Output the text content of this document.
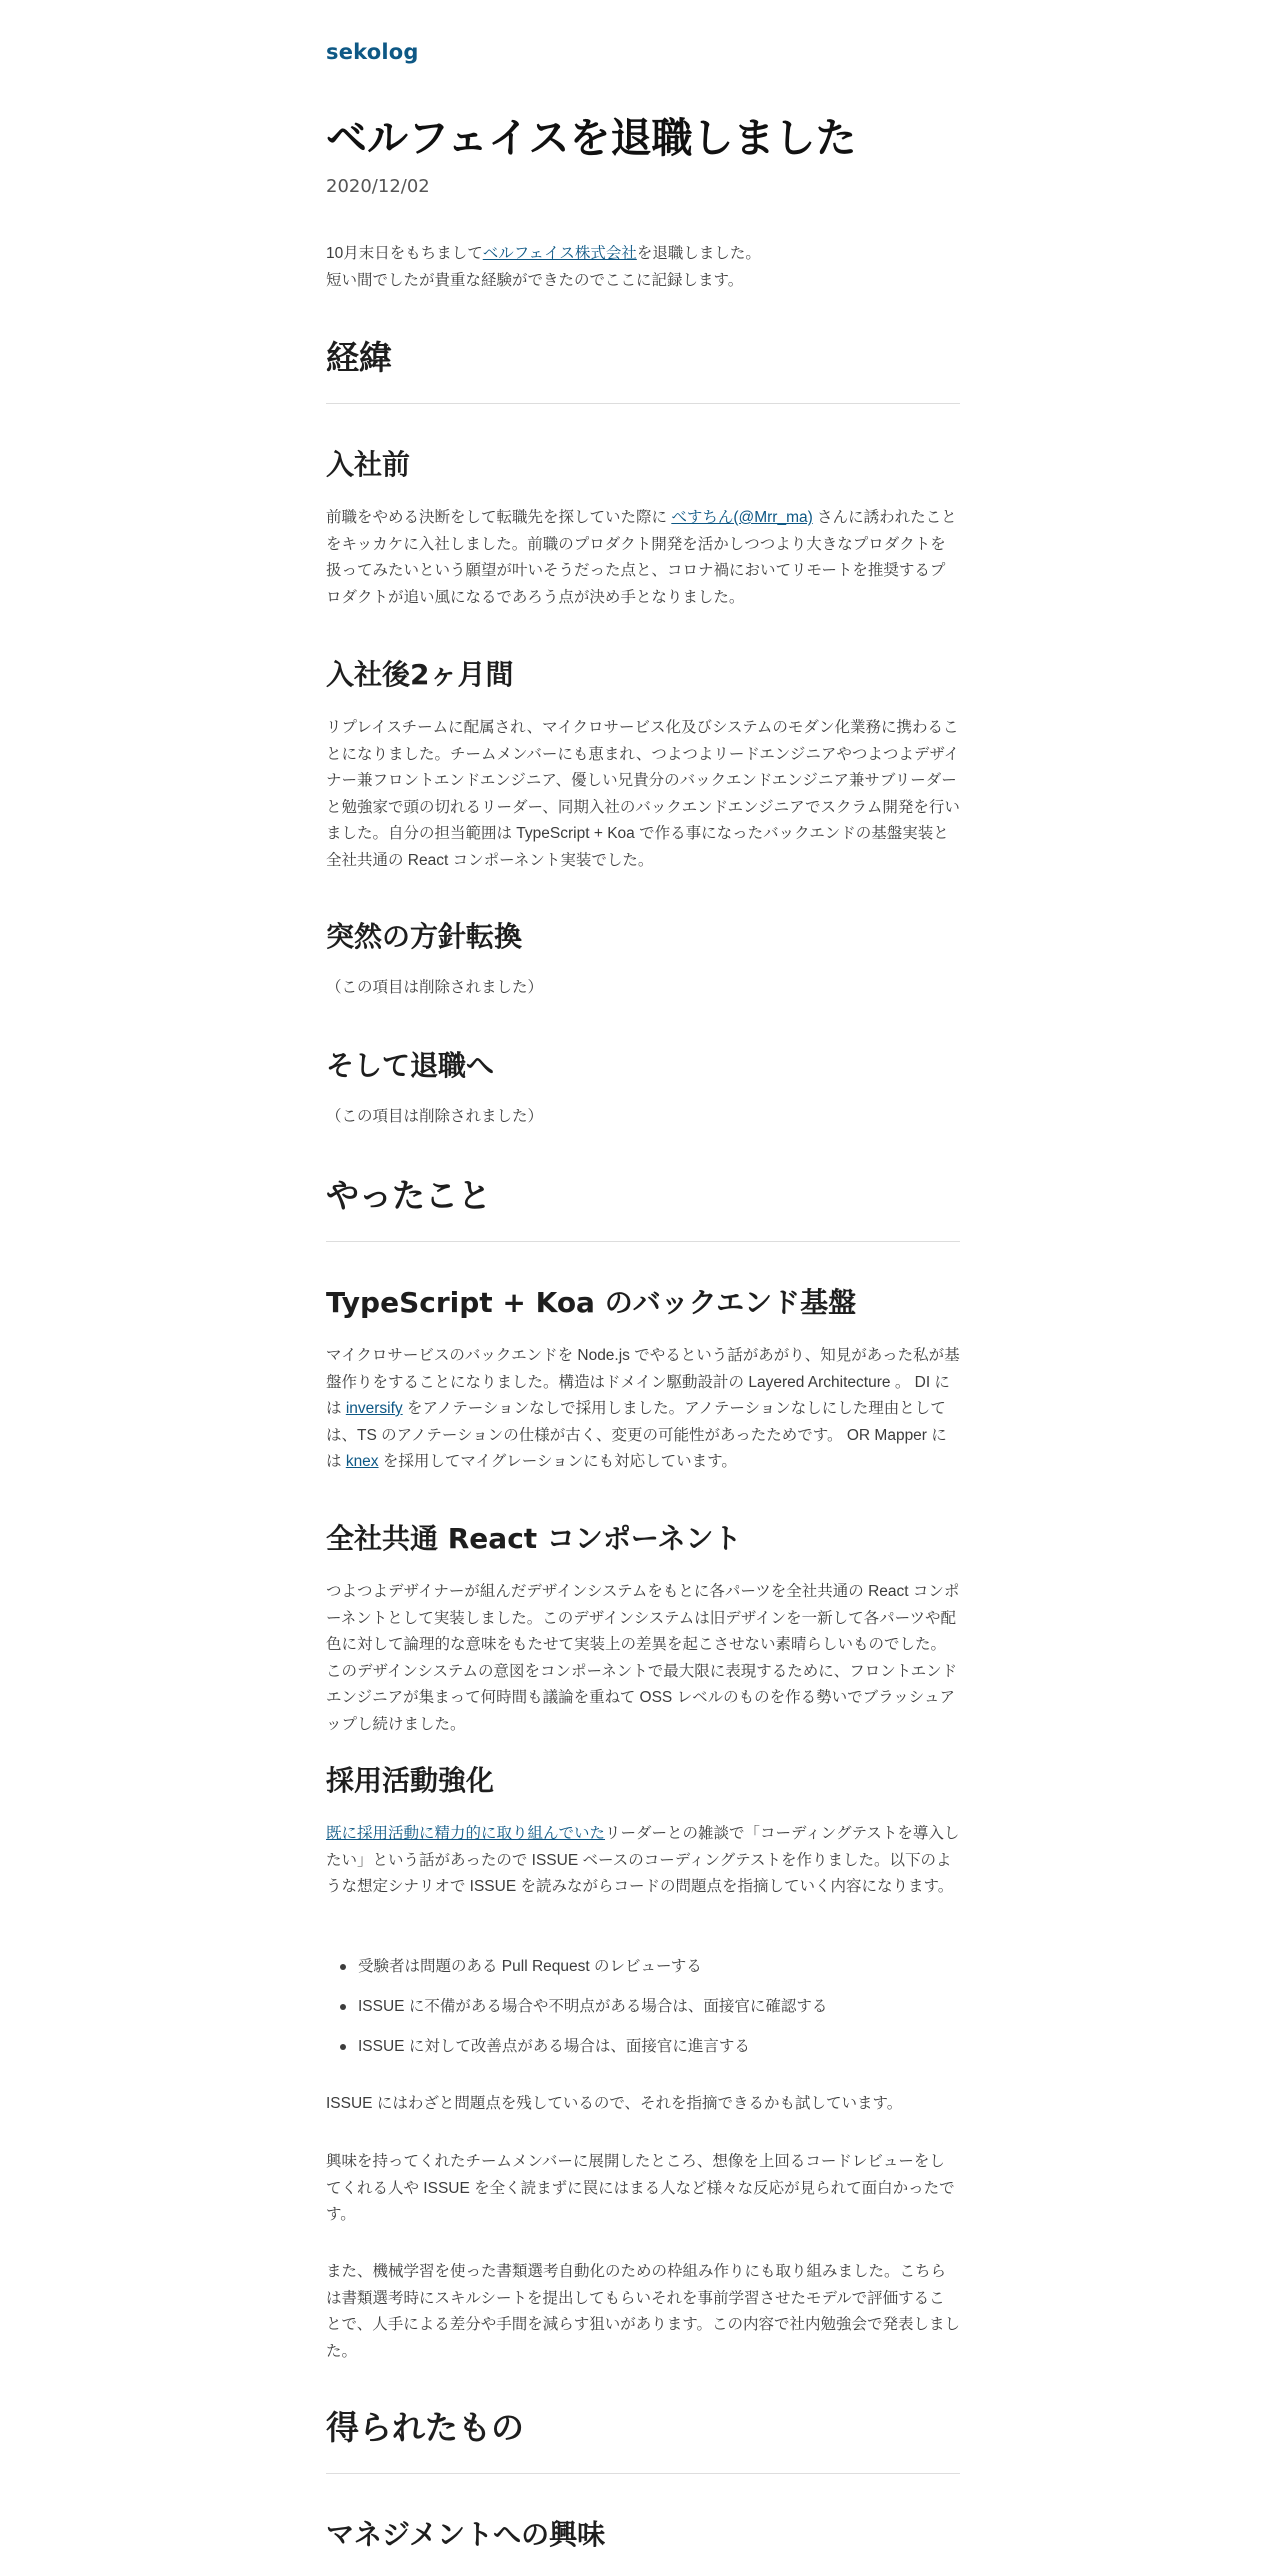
sekolog
ベルフェイスを退職しました
2020/12/02

10月末日をもちましてベルフェイス株式会社を退職しました。

短い間でしたが貴重な経験ができたのでここに記録します。

経緯
入社前

前職をやめる決断をして転職先を探していた際に べすちん(@Mrr_ma) さんに誘われたことをキッカケに入社しました。前職のプロダクト開発を活かしつつより大きなプロダクトを扱ってみたいという願望が叶いそうだった点と、コロナ禍においてリモートを推奨するプロダクトが追い風になるであろう点が決め手となりました。

入社後2ヶ月間

リプレイスチームに配属され、マイクロサービス化及びシステムのモダン化業務に携わることになりました。チームメンバーにも恵まれ、つよつよリードエンジニアやつよつよデザイナー兼フロントエンドエンジニア、優しい兄貴分のバックエンドエンジニア兼サブリーダーと勉強家で頭の切れるリーダー、同期入社のバックエンドエンジニアでスクラム開発を行いました。自分の担当範囲は TypeScript + Koa で作る事になったバックエンドの基盤実装と全社共通の React コンポーネント実装でした。

突然の方針転換

（この項目は削除されました）

そして退職へ

（この項目は削除されました）

やったこと
TypeScript + Koa のバックエンド基盤

マイクロサービスのバックエンドを Node.js でやるという話があがり、知見があった私が基盤作りをすることになりました。構造はドメイン駆動設計の Layered Architecture 。 DI には inversify をアノテーションなしで採用しました。アノテーションなしにした理由としては、TS のアノテーションの仕様が古く、変更の可能性があったためです。 OR Mapper には knex を採用してマイグレーションにも対応しています。

全社共通 React コンポーネント

つよつよデザイナーが組んだデザインシステムをもとに各パーツを全社共通の React コンポーネントとして実装しました。このデザインシステムは旧デザインを一新して各パーツや配色に対して論理的な意味をもたせて実装上の差異を起こさせない素晴らしいものでした。このデザインシステムの意図をコンポーネントで最大限に表現するために、フロントエンドエンジニアが集まって何時間も議論を重ねて OSS レベルのものを作る勢いでブラッシュアップし続けました。

採用活動強化

既に採用活動に精力的に取り組んでいたリーダーとの雑談で「コーディングテストを導入したい」という話があったので ISSUE ベースのコーディングテストを作りました。以下のような想定シナリオで ISSUE を読みながらコードの問題点を指摘していく内容になります。

受験者は問題のある Pull Request のレビューする
ISSUE に不備がある場合や不明点がある場合は、面接官に確認する
ISSUE に対して改善点がある場合は、面接官に進言する

ISSUE にはわざと問題点を残しているので、それを指摘できるかも試しています。

興味を持ってくれたチームメンバーに展開したところ、想像を上回るコードレビューをしてくれる人や ISSUE を全く読まずに罠にはまる人など様々な反応が見られて面白かったです。

また、機械学習を使った書類選考自動化のための枠組み作りにも取り組みました。こちらは書類選考時にスキルシートを提出してもらいそれを事前学習させたモデルで評価することで、人手による差分や手間を減らす狙いがあります。この内容で社内勉強会で発表しました。

得られたもの
マネジメントへの興味
